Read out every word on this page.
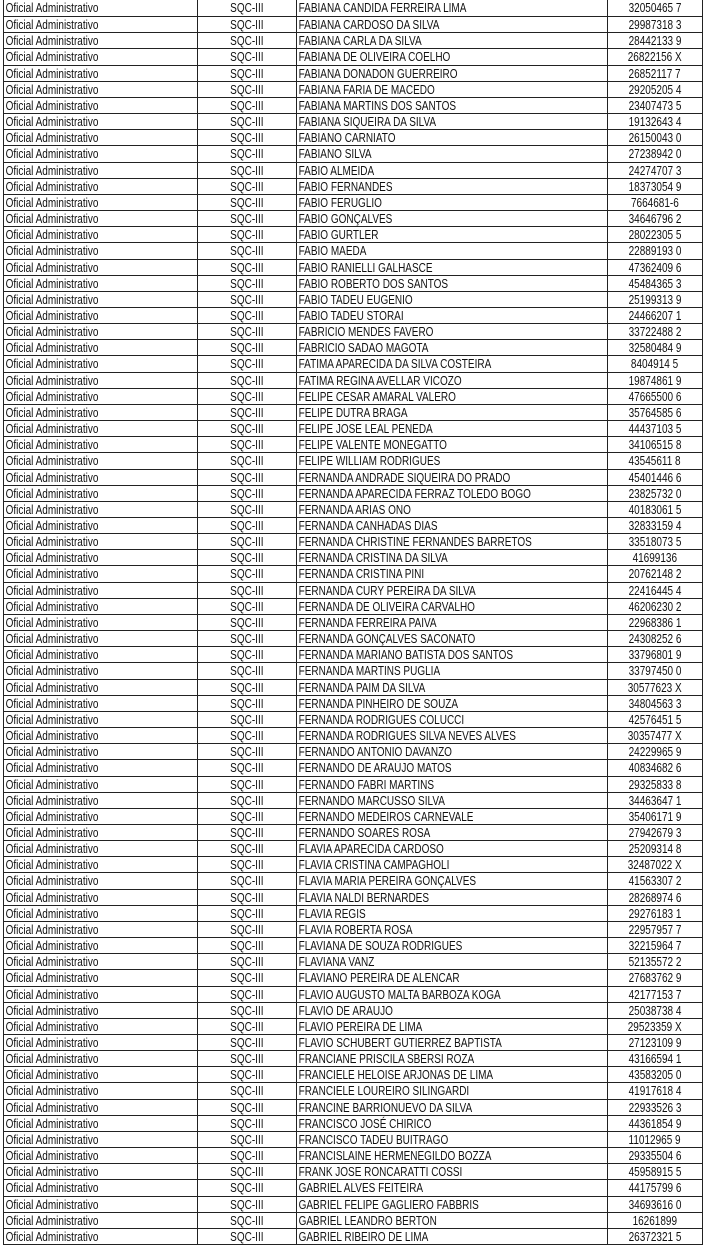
Oficial Administrativo	SQC-III	FABIANA CANDIDA FERREIRA LIMA	32050465 7
Oficial Administrativo	SQC-III	FABIANA CARDOSO DA SILVA	29987318 3
Oficial Administrativo	SQC-III	FABIANA CARLA DA SILVA	28442133 9
Oficial Administrativo	SQC-III	FABIANA DE OLIVEIRA COELHO	26822156 X
Oficial Administrativo	SQC-III	FABIANA DONADON GUERREIRO	26852117 7
Oficial Administrativo	SQC-III	FABIANA FARIA DE MACEDO	29205205 4
Oficial Administrativo	SQC-III	FABIANA MARTINS DOS SANTOS	23407473 5
Oficial Administrativo	SQC-III	FABIANA SIQUEIRA DA SILVA	19132643 4
Oficial Administrativo	SQC-III	FABIANO CARNIATO	26150043 0
Oficial Administrativo	SQC-III	FABIANO SILVA	27238942 0
Oficial Administrativo	SQC-III	FABIO ALMEIDA	24274707 3
Oficial Administrativo	SQC-III	FABIO FERNANDES	18373054 9
Oficial Administrativo	SQC-III	FABIO FERUGLIO	7664681-6
Oficial Administrativo	SQC-III	FABIO GONÇALVES	34646796 2
Oficial Administrativo	SQC-III	FABIO GURTLER	28022305 5
Oficial Administrativo	SQC-III	FABIO MAEDA	22889193 0
Oficial Administrativo	SQC-III	FABIO RANIELLI GALHASCE	47362409 6
Oficial Administrativo	SQC-III	FABIO ROBERTO DOS SANTOS	45484365 3
Oficial Administrativo	SQC-III	FABIO TADEU EUGENIO	25199313 9
Oficial Administrativo	SQC-III	FABIO TADEU STORAI	24466207 1
Oficial Administrativo	SQC-III	FABRICIO MENDES FAVERO	33722488 2
Oficial Administrativo	SQC-III	FABRICIO SADAO MAGOTA	32580484 9
Oficial Administrativo	SQC-III	FATIMA APARECIDA DA SILVA COSTEIRA	8404914 5
Oficial Administrativo	SQC-III	FATIMA REGINA AVELLAR VICOZO	19874861 9
Oficial Administrativo	SQC-III	FELIPE CESAR AMARAL VALERO	47665500 6
Oficial Administrativo	SQC-III	FELIPE DUTRA BRAGA	35764585 6
Oficial Administrativo	SQC-III	FELIPE JOSE LEAL PENEDA	44437103 5
Oficial Administrativo	SQC-III	FELIPE VALENTE MONEGATTO	34106515 8
Oficial Administrativo	SQC-III	FELIPE WILLIAM RODRIGUES	43545611 8
Oficial Administrativo	SQC-III	FERNANDA ANDRADE SIQUEIRA DO PRADO	45401446 6
Oficial Administrativo	SQC-III	FERNANDA APARECIDA FERRAZ TOLEDO BOGO	23825732 0
Oficial Administrativo	SQC-III	FERNANDA ARIAS ONO	40183061 5
Oficial Administrativo	SQC-III	FERNANDA CANHADAS DIAS	32833159 4
Oficial Administrativo	SQC-III	FERNANDA CHRISTINE FERNANDES BARRETOS	33518073 5
Oficial Administrativo	SQC-III	FERNANDA CRISTINA DA SILVA	41699136
Oficial Administrativo	SQC-III	FERNANDA CRISTINA PINI	20762148 2
Oficial Administrativo	SQC-III	FERNANDA CURY PEREIRA DA SILVA	22416445 4
Oficial Administrativo	SQC-III	FERNANDA DE OLIVEIRA CARVALHO	46206230 2
Oficial Administrativo	SQC-III	FERNANDA FERREIRA PAIVA	22968386 1
Oficial Administrativo	SQC-III	FERNANDA GONÇALVES SACONATO	24308252 6
Oficial Administrativo	SQC-III	FERNANDA MARIANO BATISTA DOS SANTOS	33796801 9
Oficial Administrativo	SQC-III	FERNANDA MARTINS PUGLIA	33797450 0
Oficial Administrativo	SQC-III	FERNANDA PAIM DA SILVA	30577623 X
Oficial Administrativo	SQC-III	FERNANDA PINHEIRO DE SOUZA	34804563 3
Oficial Administrativo	SQC-III	FERNANDA RODRIGUES COLUCCI	42576451 5
Oficial Administrativo	SQC-III	FERNANDA RODRIGUES SILVA NEVES ALVES	30357477 X
Oficial Administrativo	SQC-III	FERNANDO ANTONIO DAVANZO	24229965 9
Oficial Administrativo	SQC-III	FERNANDO DE ARAUJO MATOS	40834682 6
Oficial Administrativo	SQC-III	FERNANDO FABRI MARTINS	29325833 8
Oficial Administrativo	SQC-III	FERNANDO MARCUSSO SILVA	34463647 1
Oficial Administrativo	SQC-III	FERNANDO MEDEIROS CARNEVALE	35406171 9
Oficial Administrativo	SQC-III	FERNANDO SOARES ROSA	27942679 3
Oficial Administrativo	SQC-III	FLAVIA APARECIDA CARDOSO	25209314 8
Oficial Administrativo	SQC-III	FLAVIA CRISTINA CAMPAGHOLI	32487022 X
Oficial Administrativo	SQC-III	FLAVIA MARIA PEREIRA GONÇALVES	41563307 2
Oficial Administrativo	SQC-III	FLAVIA NALDI BERNARDES	28268974 6
Oficial Administrativo	SQC-III	FLAVIA REGIS	29276183 1
Oficial Administrativo	SQC-III	FLAVIA ROBERTA ROSA	22957957 7
Oficial Administrativo	SQC-III	FLAVIANA DE SOUZA RODRIGUES	32215964 7
Oficial Administrativo	SQC-III	FLAVIANA VANZ	52135572 2
Oficial Administrativo	SQC-III	FLAVIANO PEREIRA DE ALENCAR	27683762 9
Oficial Administrativo	SQC-III	FLAVIO AUGUSTO MALTA BARBOZA KOGA	42177153 7
Oficial Administrativo	SQC-III	FLAVIO DE ARAUJO	25038738 4
Oficial Administrativo	SQC-III	FLAVIO PEREIRA DE LIMA	29523359 X
Oficial Administrativo	SQC-III	FLAVIO SCHUBERT GUTIERREZ BAPTISTA	27123109 9
Oficial Administrativo	SQC-III	FRANCIANE PRISCILA SBERSI ROZA	43166594 1
Oficial Administrativo	SQC-III	FRANCIELE HELOISE ARJONAS DE LIMA	43583205 0
Oficial Administrativo	SQC-III	FRANCIELE LOUREIRO SILINGARDI	41917618 4
Oficial Administrativo	SQC-III	FRANCINE BARRIONUEVO DA SILVA	22933526 3
Oficial Administrativo	SQC-III	FRANCISCO JOSÉ CHIRICO	44361854 9
Oficial Administrativo	SQC-III	FRANCISCO TADEU BUITRAGO	11012965 9
Oficial Administrativo	SQC-III	FRANCISLAINE HERMENEGILDO BOZZA	29335504 6
Oficial Administrativo	SQC-III	FRANK JOSE RONCARATTI COSSI	45958915 5
Oficial Administrativo	SQC-III	GABRIEL ALVES FEITEIRA	44175799 6
Oficial Administrativo	SQC-III	GABRIEL FELIPE GAGLIERO FABBRIS	34693616 0
Oficial Administrativo	SQC-III	GABRIEL LEANDRO BERTON	16261899
Oficial Administrativo	SQC-III	GABRIEL RIBEIRO DE LIMA	26372321 5
